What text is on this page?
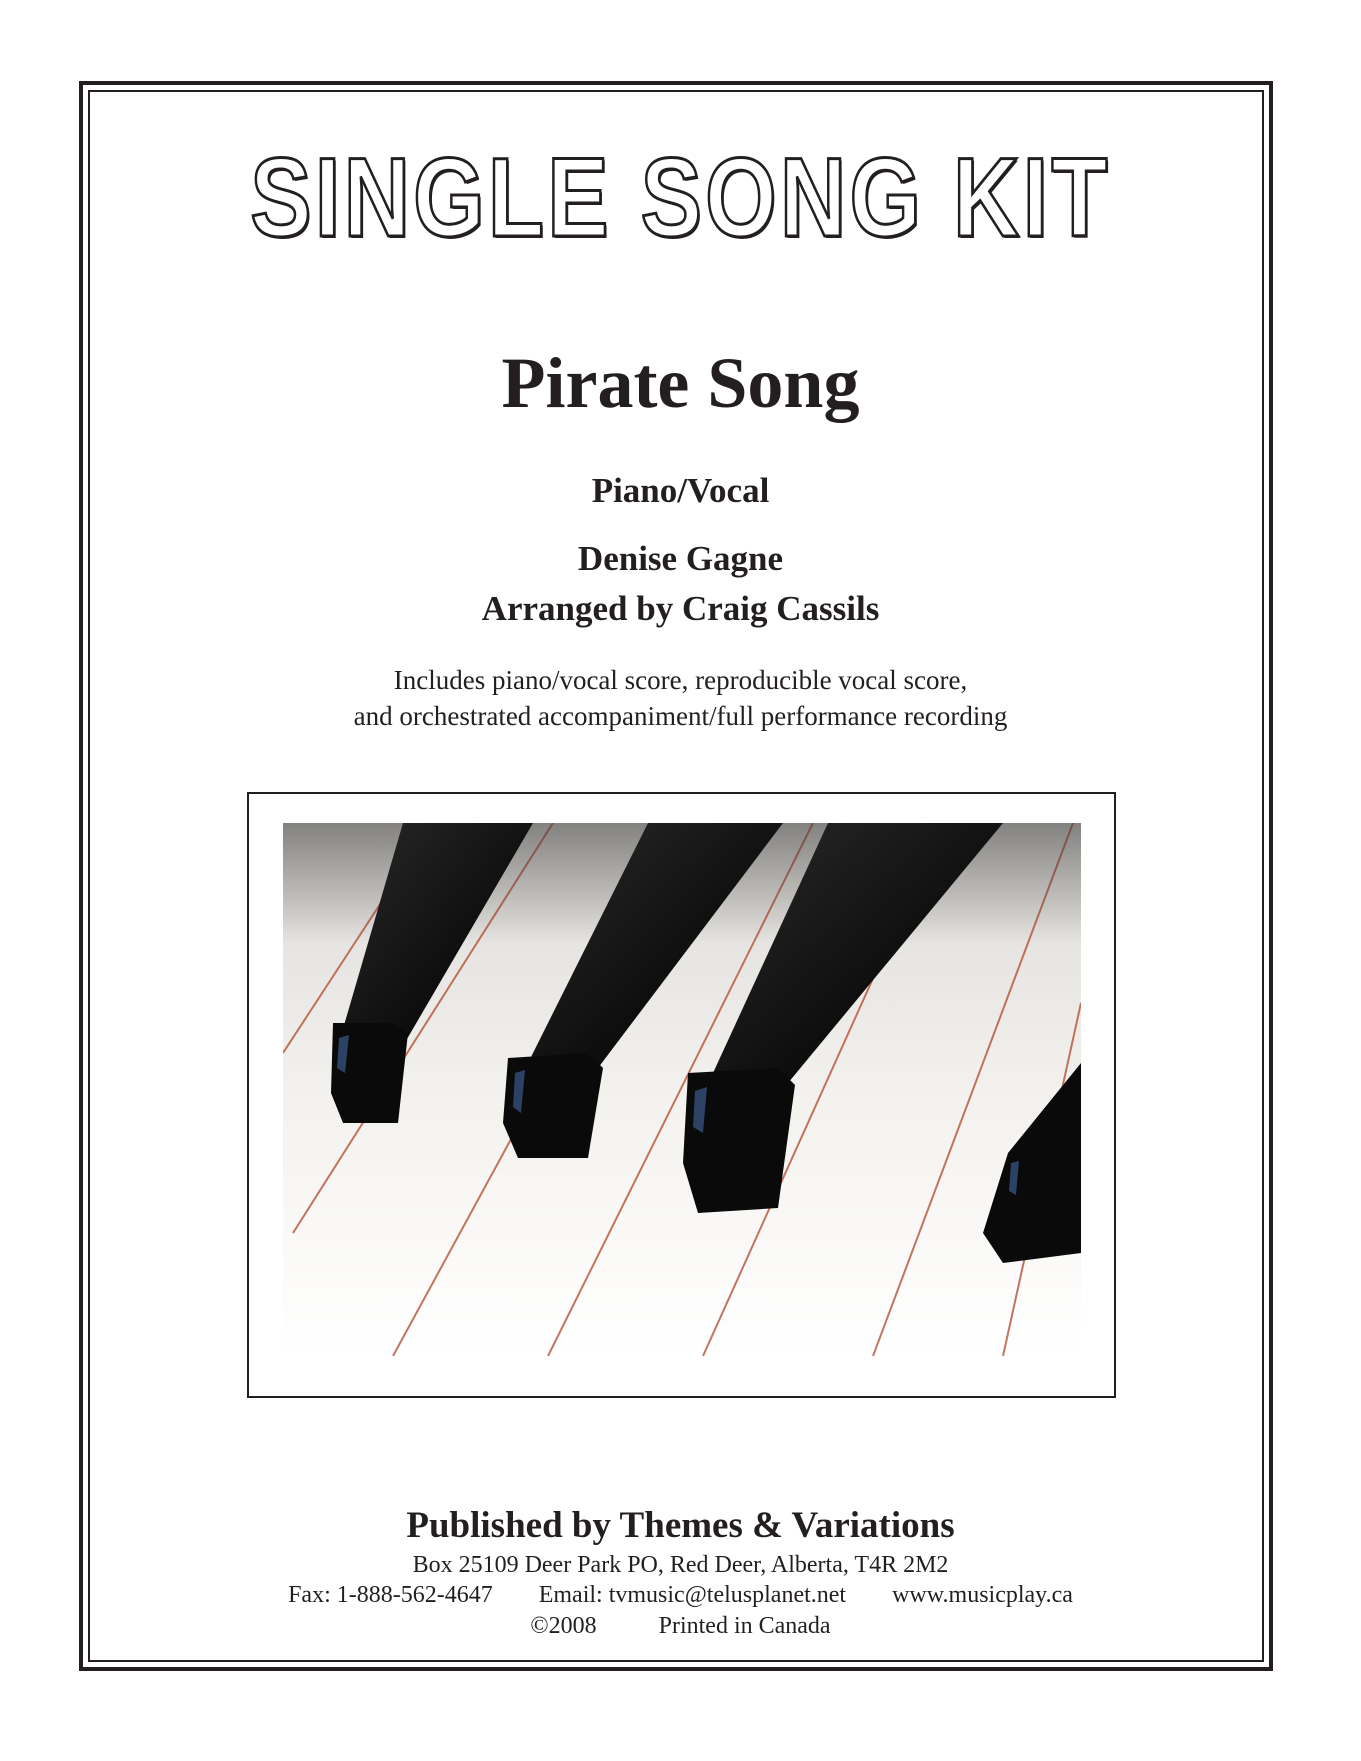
SINGLE SONG KIT
Pirate Song
Piano/Vocal
Denise Gagne
Arranged by Craig Cassils
Includes piano/vocal score, reproducible vocal score,
and orchestrated accompaniment/full performance recording
Published by Themes & Variations
Box 25109 Deer Park PO, Red Deer, Alberta, T4R 2M2
Fax: 1-888-562-4647 Email: tvmusic@telusplanet.net www.musicplay.ca
©2008	Printed in Canada
